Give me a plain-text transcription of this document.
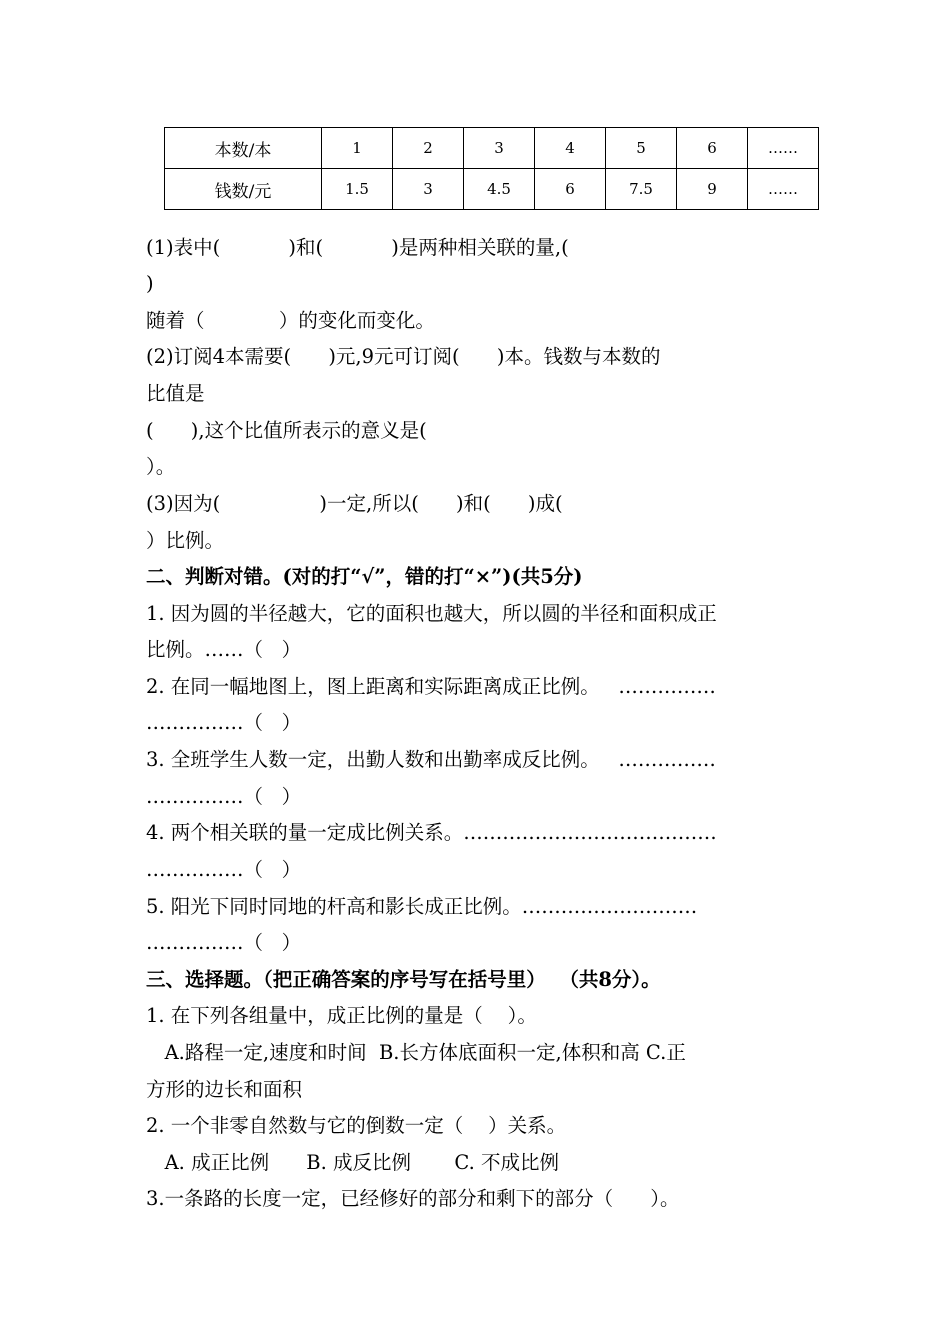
本数/本	1	2	3	4	5	6	……
钱数/元	1.5	3	4.5	6	7.5	9	……
(1)表中(           )和(           )是两种相关联的量,(
)
随着（            ）的变化而变化。
(2)订阅4本需要(      )元,9元可订阅(      )本。钱数与本数的
比值是
(      ),这个比值所表示的意义是(
）。
(3)因为(                )一定,所以(      )和(      )成(
）比例。
二、判断对错。(对的打“√”，错的打“×”)(共5分)
1. 因为圆的半径越大，它的面积也越大，所以圆的半径和面积成正
比例。……（   ）
2. 在同一幅地图上，图上距离和实际距离成正比例。   ……………
……………（   ）
3. 全班学生人数一定，出勤人数和出勤率成反比例。   ……………
……………（   ）
4. 两个相关联的量一定成比例关系。…………………………………
……………（   ）
5. 阳光下同时同地的杆高和影长成正比例。………………………
……………（   ）
三、选择题。（把正确答案的序号写在括号里）  （共8分）。
1. 在下列各组量中，成正比例的量是（    ）。
A.路程一定,速度和时间  B.长方体底面积一定,体积和高 C.正
方形的边长和面积
2. 一个非零自然数与它的倒数一定（    ）关系。
A. 成正比例      B. 成反比例       C. 不成比例
3.一条路的长度一定，已经修好的部分和剩下的部分（      ）。
